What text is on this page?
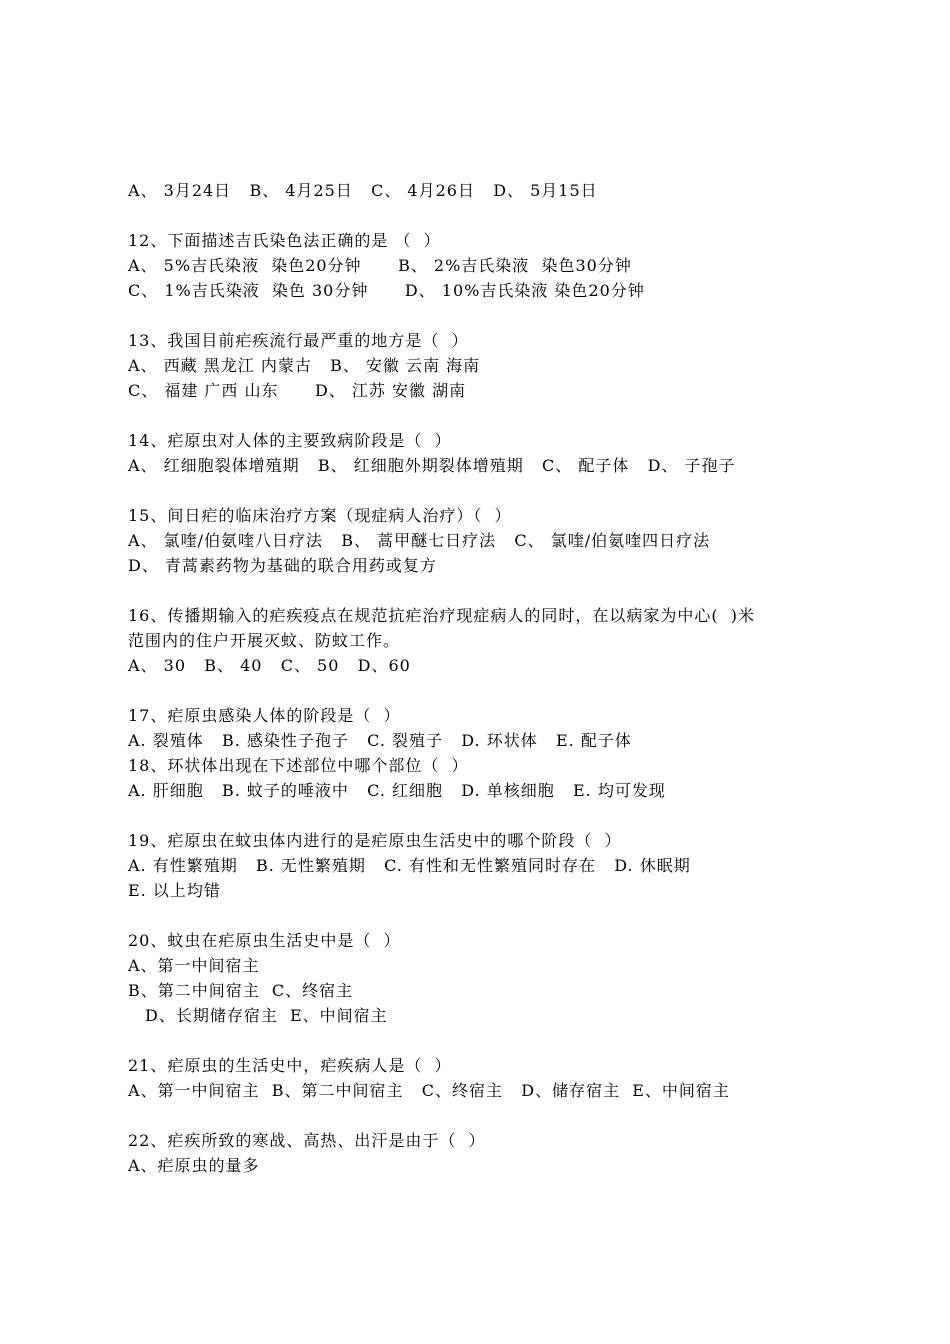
A、 3月24日   B、 4月25日   C、 4月26日   D、 5月15日
12、下面描述吉氏染色法正确的是 （  ）
A、 5%吉氏染液  染色20分钟      B、 2%吉氏染液  染色30分钟
C、 1%吉氏染液  染色 30分钟      D、 10%吉氏染液 染色20分钟
13、我国目前疟疾流行最严重的地方是（  ）
A、 西藏 黑龙江 内蒙古   B、 安徽 云南 海南
C、 福建 广西 山东      D、 江苏 安徽 湖南
14、疟原虫对人体的主要致病阶段是（  ）
A、 红细胞裂体增殖期   B、 红细胞外期裂体增殖期   C、 配子体   D、 子孢子
15、间日疟的临床治疗方案（现症病人治疗）（  ）
A、 氯喹/伯氨喹八日疗法   B、 蒿甲醚七日疗法   C、 氯喹/伯氨喹四日疗法
D、 青蒿素药物为基础的联合用药或复方
16、传播期输入的疟疾疫点在规范抗疟治疗现症病人的同时，在以病家为中心(  )米
范围内的住户开展灭蚊、防蚊工作。
A、 30   B、 40   C、 50   D、60
17、疟原虫感染人体的阶段是（  ）
A. 裂殖体   B. 感染性子孢子   C. 裂殖子   D. 环状体   E. 配子体
18、环状体出现在下述部位中哪个部位（  ）
A. 肝细胞   B. 蚊子的唾液中   C. 红细胞   D. 单核细胞   E. 均可发现
19、疟原虫在蚊虫体内进行的是疟原虫生活史中的哪个阶段（  ）
A. 有性繁殖期   B. 无性繁殖期   C. 有性和无性繁殖同时存在   D. 休眠期
E. 以上均错
20、蚊虫在疟原虫生活史中是（  ）
A、第一中间宿主
B、第二中间宿主  C、终宿主
D、长期储存宿主  E、中间宿主
21、疟原虫的生活史中，疟疾病人是（  ）
A、第一中间宿主  B、第二中间宿主   C、终宿主   D、储存宿主  E、中间宿主
22、疟疾所致的寒战、高热、出汗是由于（  ）
A、疟原虫的量多
